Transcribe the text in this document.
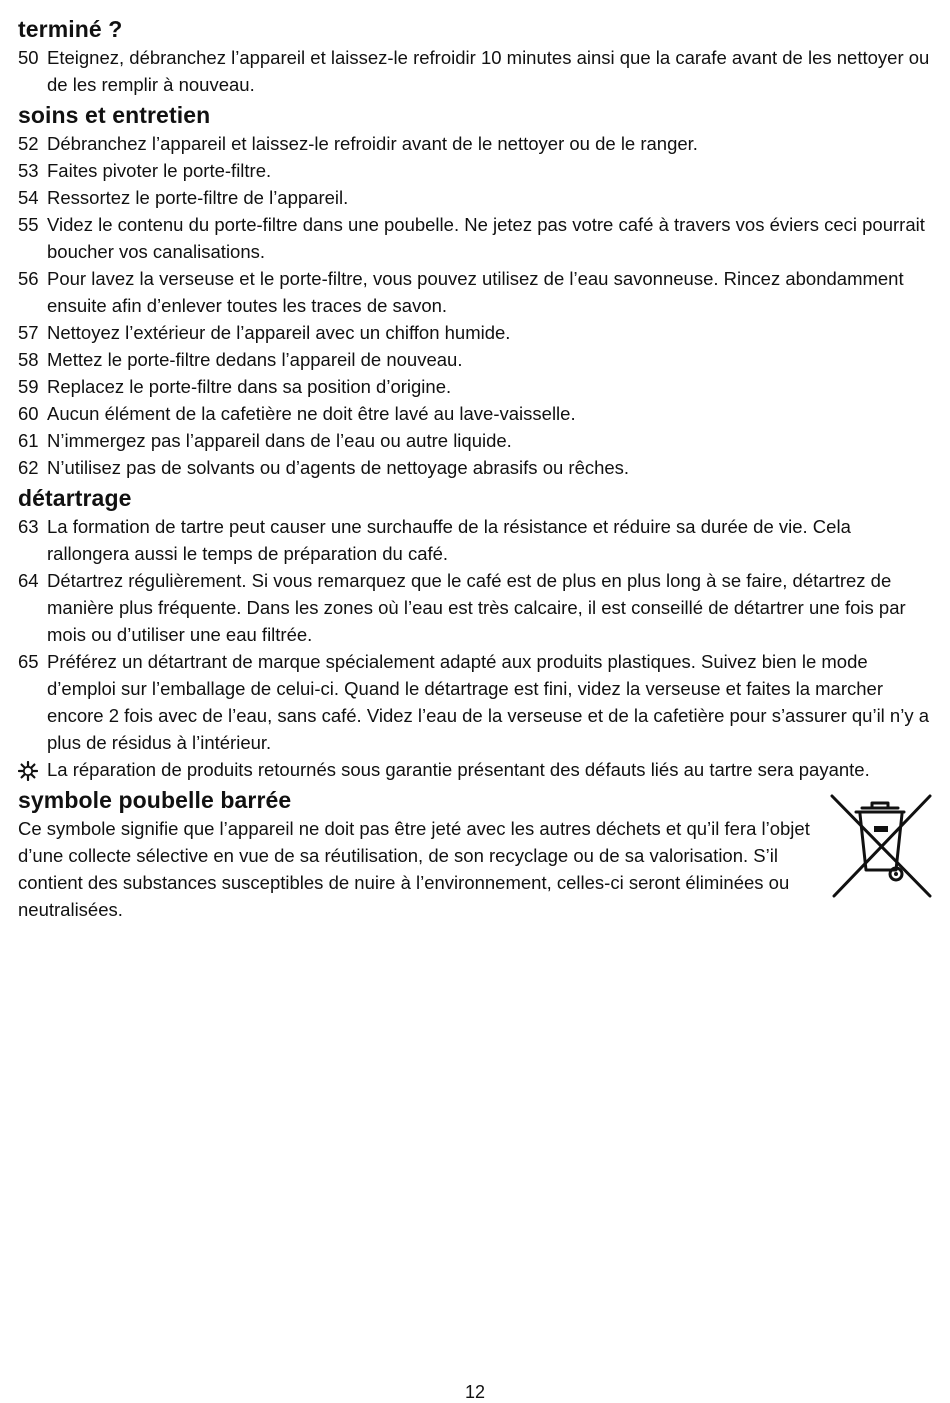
terminé ?
50 Eteignez, débranchez l’appareil et laissez-le refroidir 10 minutes ainsi que la carafe avant de les nettoyer ou de les remplir à nouveau.
soins et entretien
52 Débranchez l’appareil et laissez-le refroidir avant de le nettoyer ou de le ranger.
53 Faites pivoter le porte-filtre.
54 Ressortez le porte-filtre de l’appareil.
55 Videz le contenu du porte-filtre dans une poubelle. Ne jetez pas votre café à travers vos éviers ceci pourrait boucher vos canalisations.
56 Pour lavez la verseuse et le porte-filtre, vous pouvez utilisez de l’eau savonneuse. Rincez abondamment ensuite afin d’enlever toutes les traces de savon.
57 Nettoyez l’extérieur de l’appareil avec un chiffon humide.
58 Mettez le porte-filtre dedans l’appareil de nouveau.
59 Replacez le porte-filtre dans sa position d’origine.
60 Aucun élément de la cafetière ne doit être lavé au lave-vaisselle.
61 N’immergez pas l’appareil dans de l’eau ou autre liquide.
62 N’utilisez pas de solvants ou d’agents de nettoyage abrasifs ou rêches.
détartrage
63 La formation de tartre peut causer une surchauffe de la résistance et réduire sa durée de vie. Cela rallongera aussi le temps de préparation du café.
64 Détartrez régulièrement. Si vous remarquez que le café est de plus en plus long à se faire, détartrez de manière plus fréquente. Dans les zones où l’eau est très calcaire, il est conseillé de détartrer une fois par mois ou d’utiliser une eau filtrée.
65 Préférez un détartrant de marque spécialement adapté aux produits plastiques. Suivez bien le mode d’emploi sur l’emballage de celui-ci. Quand le détartrage est fini, videz la verseuse et faites la marcher encore 2 fois avec de l’eau, sans café. Videz l’eau de la verseuse et de la cafetière pour s’assurer qu’il n’y a plus de résidus à l’intérieur.
La réparation de produits retournés sous garantie présentant des défauts liés au tartre sera payante.
symbole poubelle barrée
Ce symbole signifie que l’appareil ne doit pas être jeté avec les autres déchets et qu’il fera l’objet d’une collecte sélective en vue de sa réutilisation, de son recyclage ou de sa valorisation. S’il contient des substances susceptibles de nuire à l’environnement, celles-ci seront éliminées ou neutralisées.
12
